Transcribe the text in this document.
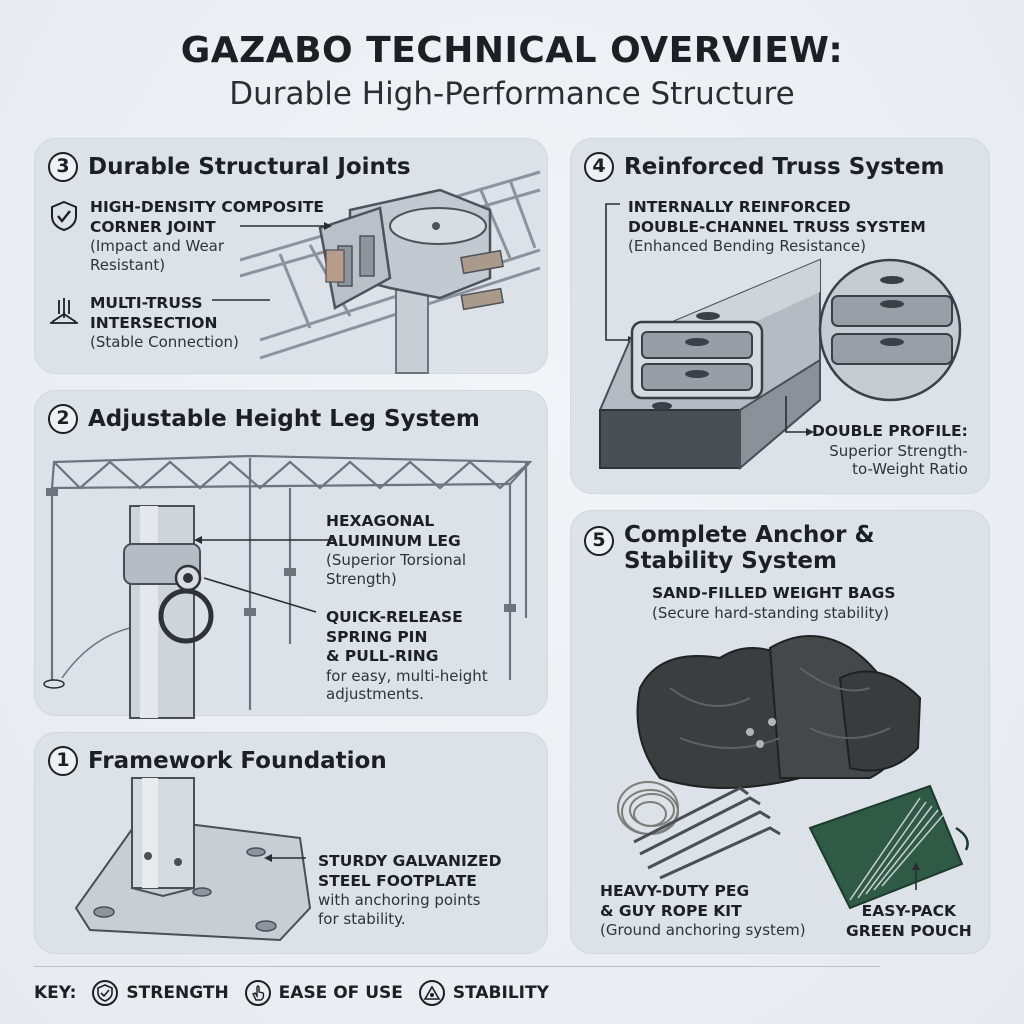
GAZABO TECHNICAL OVERVIEW:
Durable High-Performance Structure
3 Durable Structural Joints
HIGH-DENSITY COMPOSITE
CORNER JOINT
(Impact and Wear
Resistant)
MULTI-TRUSS
INTERSECTION
(Stable Connection)
4 Reinforced Truss System
INTERNALLY REINFORCED
DOUBLE-CHANNEL TRUSS SYSTEM
(Enhanced Bending Resistance)
DOUBLE PROFILE:
Superior Strength-
to-Weight Ratio
2 Adjustable Height Leg System
HEXAGONAL
ALUMINUM LEG
(Superior Torsional
Strength)
QUICK-RELEASE
SPRING PIN
& PULL-RING
for easy, multi-height
adjustments.
1 Framework Foundation
STURDY GALVANIZED
STEEL FOOTPLATE
with anchoring points
for stability.
5 Complete Anchor &
Stability System
SAND-FILLED WEIGHT BAGS
(Secure hard-standing stability)
HEAVY-DUTY PEG
& GUY ROPE KIT
(Ground anchoring system)
EASY-PACK
GREEN POUCH
KEY:	STRENGTH	EASE OF USE	STABILITY
